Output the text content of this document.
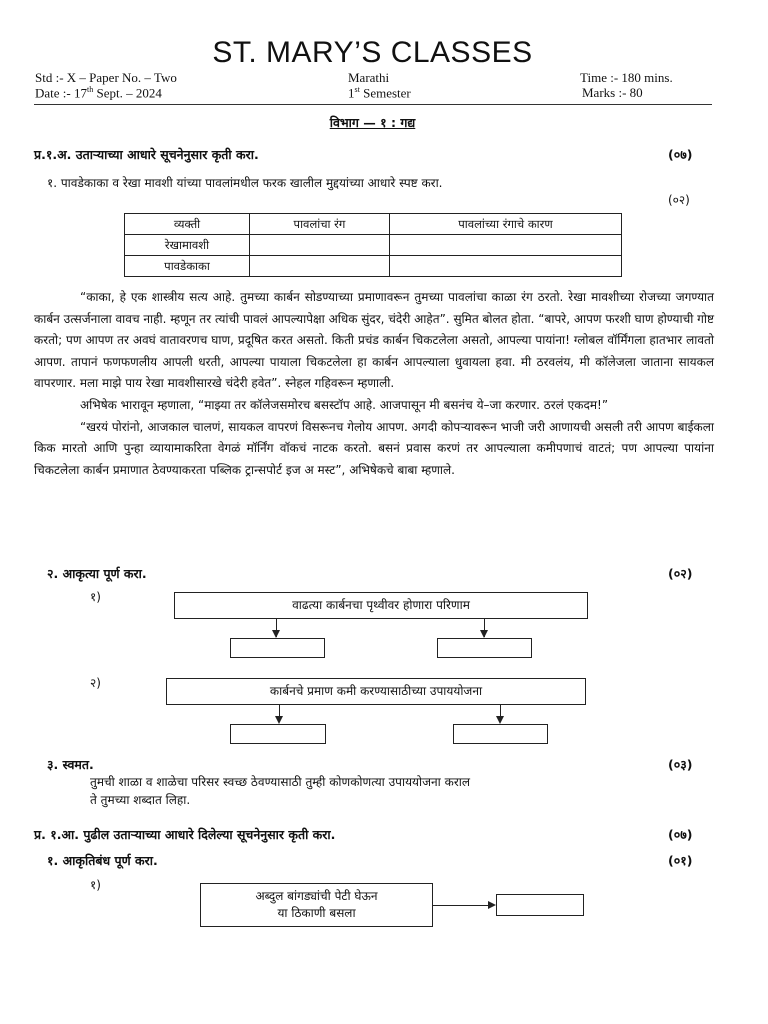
ST. MARY’S CLASSES
Std :- X – Paper No. – Two	Marathi	Time :- 180 mins.
Date :- 17th Sept. – 2024	1st Semester	Marks :- 80
विभाग — १ : गद्य
प्र.१.अ. उताऱ्याच्या आधारे सूचनेनुसार कृती करा.	(०७)
१. पावडेकाका व रेखा मावशी यांच्या पावलांमधील फरक खालील मुद्दयांच्या आधारे स्पष्ट करा.
(०२)
व्यक्ती	पावलांचा रंग	पावलांच्या रंगाचे कारण
रेखामावशी		
पावडेकाका		

“काका, हे एक शास्त्रीय सत्य आहे. तुमच्या कार्बन सोडण्याच्या प्रमाणावरून तुमच्या पावलांचा काळा रंग ठरतो. रेखा मावशीच्या रोजच्या जगण्यात कार्बन उत्सर्जनाला वावच नाही. म्हणून तर त्यांची पावलं आपल्यापेक्षा अधिक सुंदर, चंदेरी आहेत”. सुमित बोलत होता. “बापरे, आपण फरशी घाण होण्याची गोष्ट करतो; पण आपण तर अवघं वातावरणच घाण, प्रदूषित करत असतो. किती प्रचंड कार्बन चिकटलेला असतो, आपल्या पायांना! ग्लोबल वॉर्मिंगला हातभार लावतो आपण. तापानं फणफणलीय आपली धरती, आपल्या पायाला चिकटलेला हा कार्बन आपल्याला धुवायला हवा. मी ठरवलंय, मी कॉलेजला जाताना सायकल वापरणार. मला माझे पाय रेखा मावशीसारखे चंदेरी हवेत”. स्नेहल गहिवरून म्हणाली.

अभिषेक भारावून म्हणाला, “माझ्या तर कॉलेजसमोरच बसस्टॉप आहे. आजपासून मी बसनंच ये–जा करणार. ठरलं एकदम!”

“खरयं पोरांनो, आजकाल चालणं, सायकल वापरणं विसरूनच गेलोय आपण. अगदी कोपऱ्यावरून भाजी जरी आणायची असली तरी आपण बाईकला किक मारतो आणि पुन्हा व्यायामाकरिता वेगळं मॉर्निंग वॉकचं नाटक करतो. बसनं प्रवास करणं तर आपल्याला कमीपणाचं वाटतं; पण आपल्या पायांना चिकटलेला कार्बन प्रमाणात ठेवण्याकरता पब्लिक ट्रान्सपोर्ट इज अ मस्ट”, अभिषेकचे बाबा म्हणाले.

२. आकृत्या पूर्ण करा.	(०२)
१)
वाढत्या कार्बनचा पृथ्वीवर होणारा परिणाम
२)
कार्बनचे प्रमाण कमी करण्यासाठीच्या उपाययोजना
३. स्वमत.	(०३)
तुमची शाळा व शाळेचा परिसर स्वच्छ ठेवण्यासाठी तुम्ही कोणकोणत्या उपाययोजना कराल
ते तुमच्या शब्दात लिहा.
प्र. १.आ. पुढील उताऱ्याच्या आधारे दिलेल्या सूचनेनुसार कृती करा.	(०७)
१. आकृतिबंध पूर्ण करा.	(०१)
१)
अब्दुल बांगड्यांची पेटी घेऊन
या ठिकाणी बसला
